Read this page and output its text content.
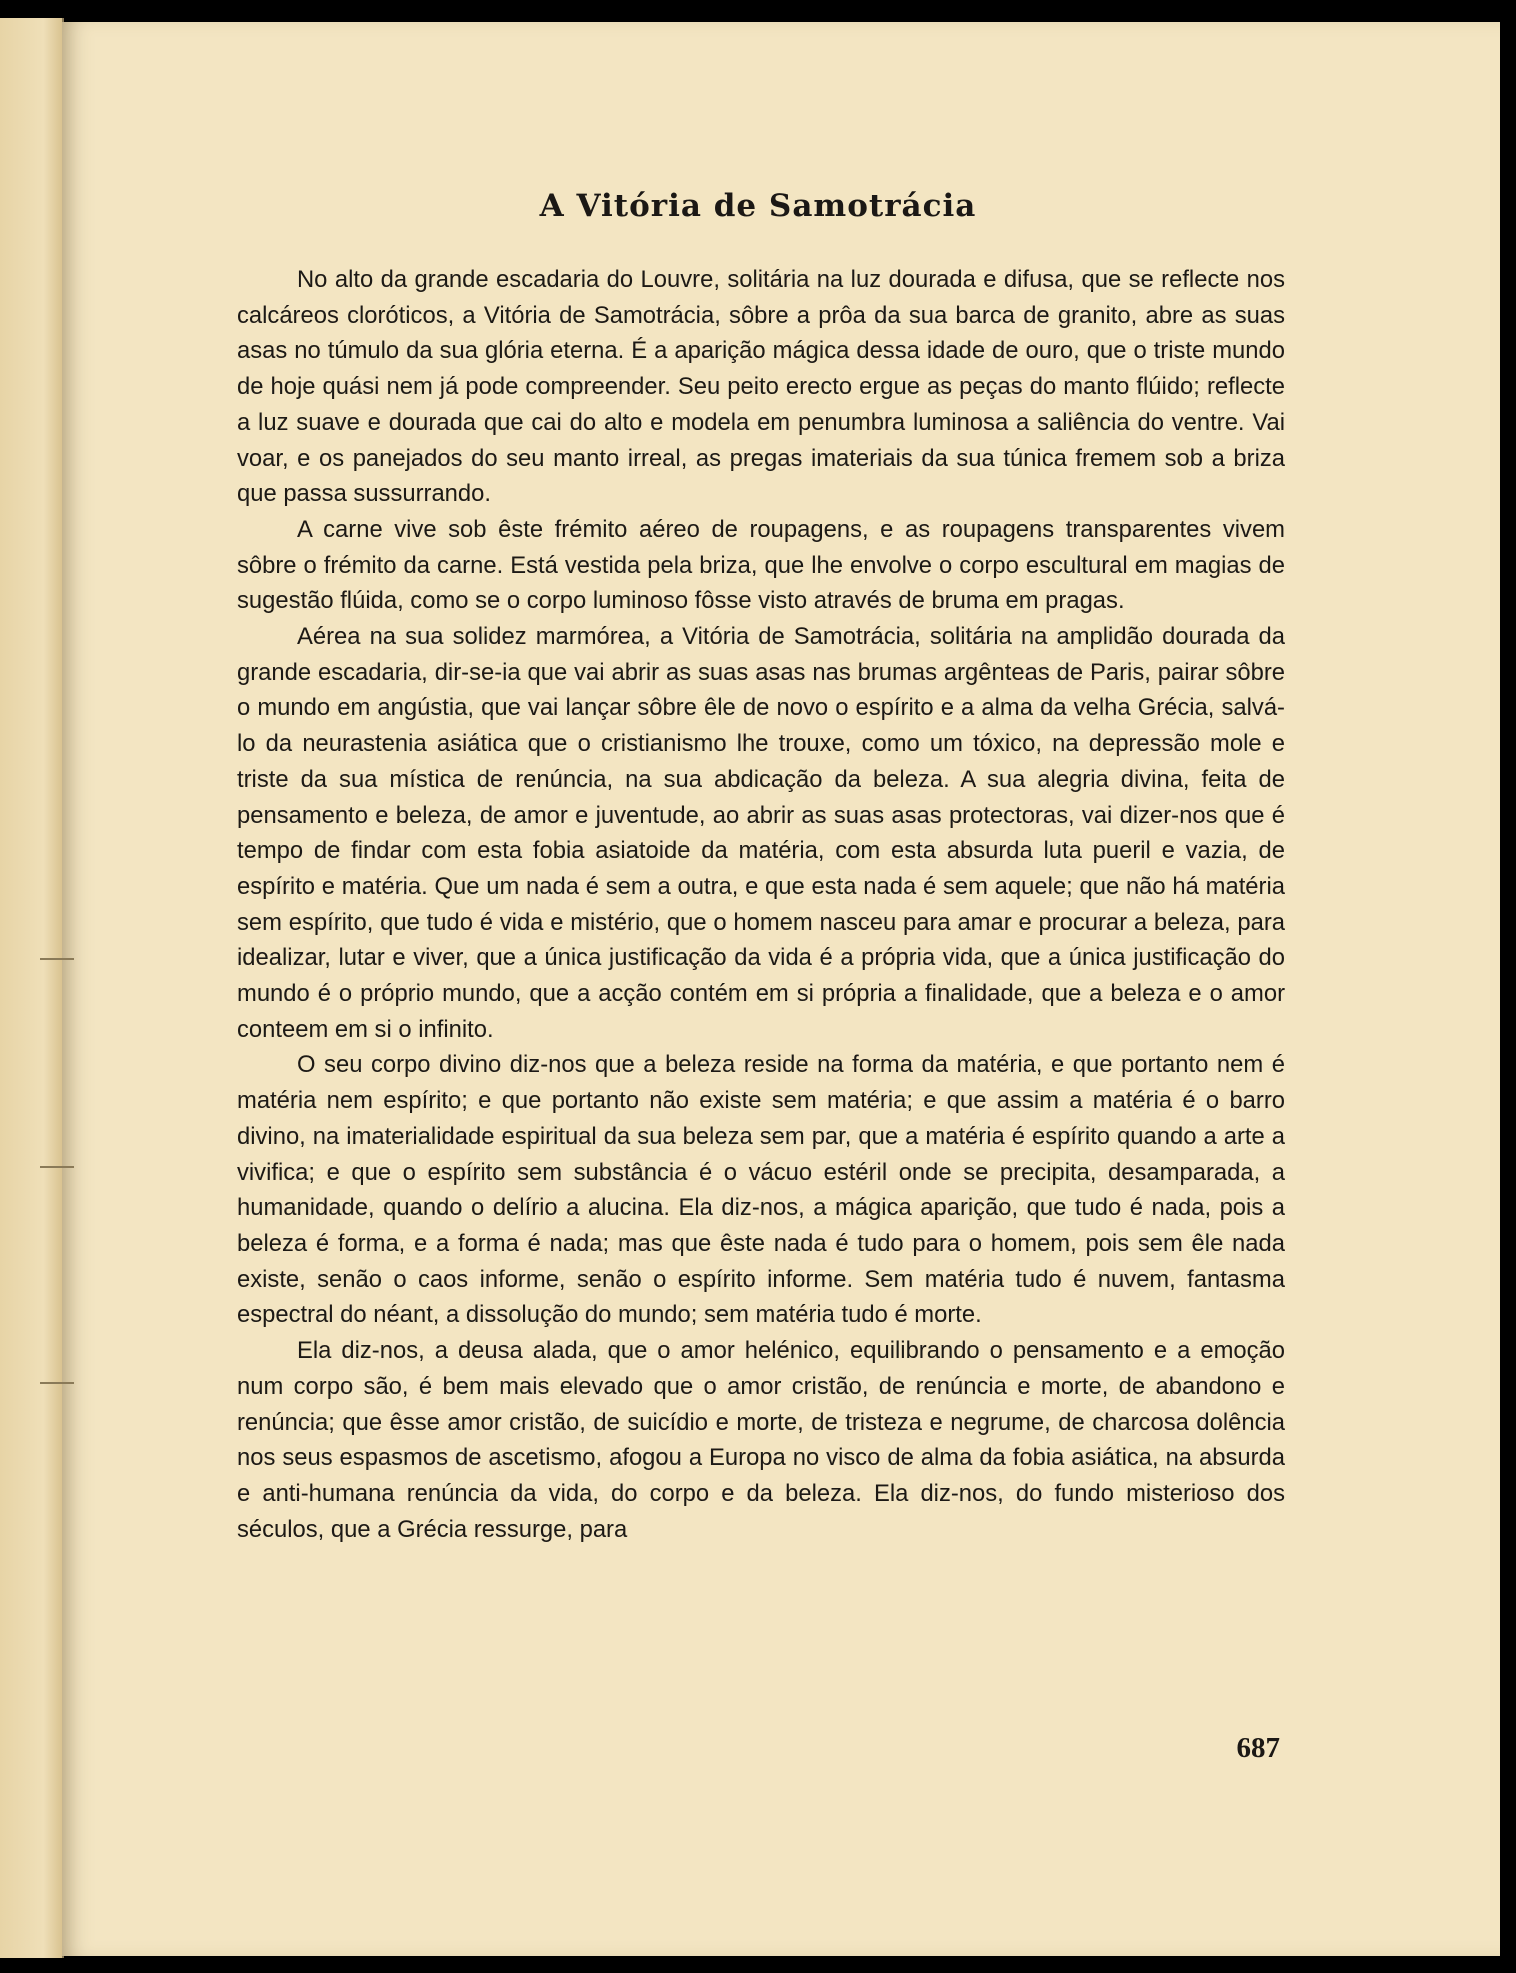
A Vitória de Samotrácia

No alto da grande escadaria do Louvre, solitária na luz dourada e difusa, que se reflecte nos calcáreos cloróticos, a Vitória de Samotrácia, sôbre a prôa da sua barca de granito, abre as suas asas no túmulo da sua glória eterna. É a aparição mágica dessa idade de ouro, que o triste mundo de hoje quási nem já pode compreender. Seu peito erecto ergue as peças do manto flúido; reflecte a luz suave e dourada que cai do alto e modela em penumbra luminosa a saliência do ventre. Vai voar, e os panejados do seu manto irreal, as pregas imateriais da sua túnica fremem sob a briza que passa sussurrando.

A carne vive sob êste frémito aéreo de roupagens, e as roupagens transparentes vivem sôbre o frémito da carne. Está vestida pela briza, que lhe envolve o corpo escultural em magias de sugestão flúida, como se o corpo luminoso fôsse visto através de bruma em pragas.

Aérea na sua solidez marmórea, a Vitória de Samotrácia, solitária na amplidão dourada da grande escadaria, dir-se-ia que vai abrir as suas asas nas brumas argênteas de Paris, pairar sôbre o mundo em angústia, que vai lançar sôbre êle de novo o espírito e a alma da velha Grécia, salvá-lo da neurastenia asiática que o cristianismo lhe trouxe, como um tóxico, na depressão mole e triste da sua mística de renúncia, na sua abdicação da beleza. A sua alegria divina, feita de pensamento e beleza, de amor e juventude, ao abrir as suas asas protectoras, vai dizer-nos que é tempo de findar com esta fobia asiatoide da matéria, com esta absurda luta pueril e vazia, de espírito e matéria. Que um nada é sem a outra, e que esta nada é sem aquele; que não há matéria sem espírito, que tudo é vida e mistério, que o homem nasceu para amar e procurar a beleza, para idealizar, lutar e viver, que a única justificação da vida é a própria vida, que a única justificação do mundo é o próprio mundo, que a acção contém em si própria a finalidade, que a beleza e o amor conteem em si o infinito.

O seu corpo divino diz-nos que a beleza reside na forma da matéria, e que portanto nem é matéria nem espírito; e que portanto não existe sem matéria; e que assim a matéria é o barro divino, na imaterialidade espiritual da sua beleza sem par, que a matéria é espírito quando a arte a vivifica; e que o espírito sem substância é o vácuo estéril onde se precipita, desamparada, a humanidade, quando o delírio a alucina. Ela diz-nos, a mágica aparição, que tudo é nada, pois a beleza é forma, e a forma é nada; mas que êste nada é tudo para o homem, pois sem êle nada existe, senão o caos informe, senão o espírito informe. Sem matéria tudo é nuvem, fantasma espectral do néant, a dissolução do mundo; sem matéria tudo é morte.

Ela diz-nos, a deusa alada, que o amor helénico, equilibrando o pensamento e a emoção num corpo são, é bem mais elevado que o amor cristão, de renúncia e morte, de abandono e renúncia; que êsse amor cristão, de suicídio e morte, de tristeza e negrume, de charcosa dolência nos seus espasmos de ascetismo, afogou a Europa no visco de alma da fobia asiática, na absurda e anti-humana renúncia da vida, do corpo e da beleza. Ela diz-nos, do fundo misterioso dos séculos, que a Grécia ressurge, para

687
